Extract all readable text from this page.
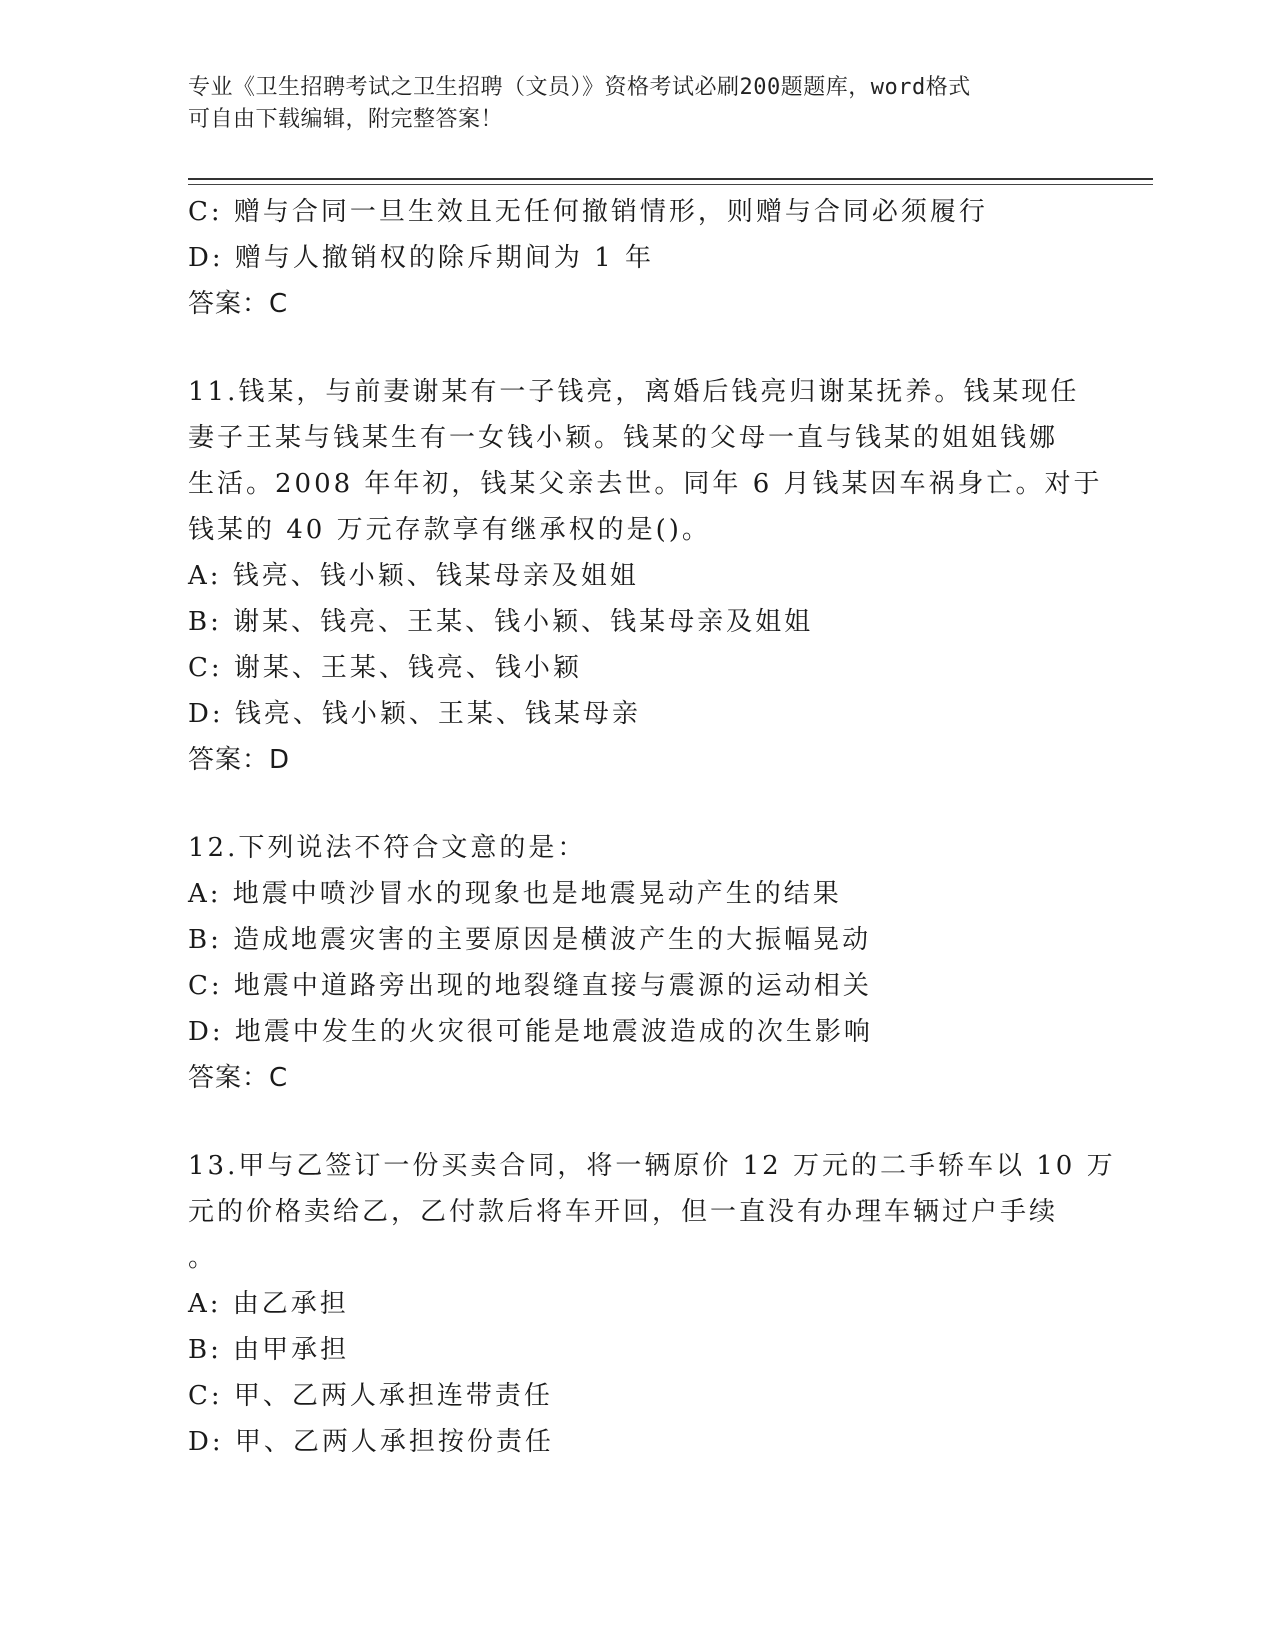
专业《卫生招聘考试之卫生招聘（文员）》资格考试必刷200题题库，word格式
可自由下载编辑，附完整答案！
C: 赠与合同一旦生效且无任何撤销情形，则赠与合同必须履行
D: 赠与人撤销权的除斥期间为 1 年
答案：C
11.钱某，与前妻谢某有一子钱亮，离婚后钱亮归谢某抚养。钱某现任
妻子王某与钱某生有一女钱小颖。钱某的父母一直与钱某的姐姐钱娜
生活。2008 年年初，钱某父亲去世。同年 6 月钱某因车祸身亡。对于
钱某的 40 万元存款享有继承权的是()。
A: 钱亮、钱小颖、钱某母亲及姐姐
B: 谢某、钱亮、王某、钱小颖、钱某母亲及姐姐
C: 谢某、王某、钱亮、钱小颖
D: 钱亮、钱小颖、王某、钱某母亲
答案：D
12.下列说法不符合文意的是：
A: 地震中喷沙冒水的现象也是地震晃动产生的结果
B: 造成地震灾害的主要原因是横波产生的大振幅晃动
C: 地震中道路旁出现的地裂缝直接与震源的运动相关
D: 地震中发生的火灾很可能是地震波造成的次生影响
答案：C
13.甲与乙签订一份买卖合同，将一辆原价 12 万元的二手轿车以 10 万
元的价格卖给乙，乙付款后将车开回，但一直没有办理车辆过户手续
。
A: 由乙承担
B: 由甲承担
C: 甲、乙两人承担连带责任
D: 甲、乙两人承担按份责任
